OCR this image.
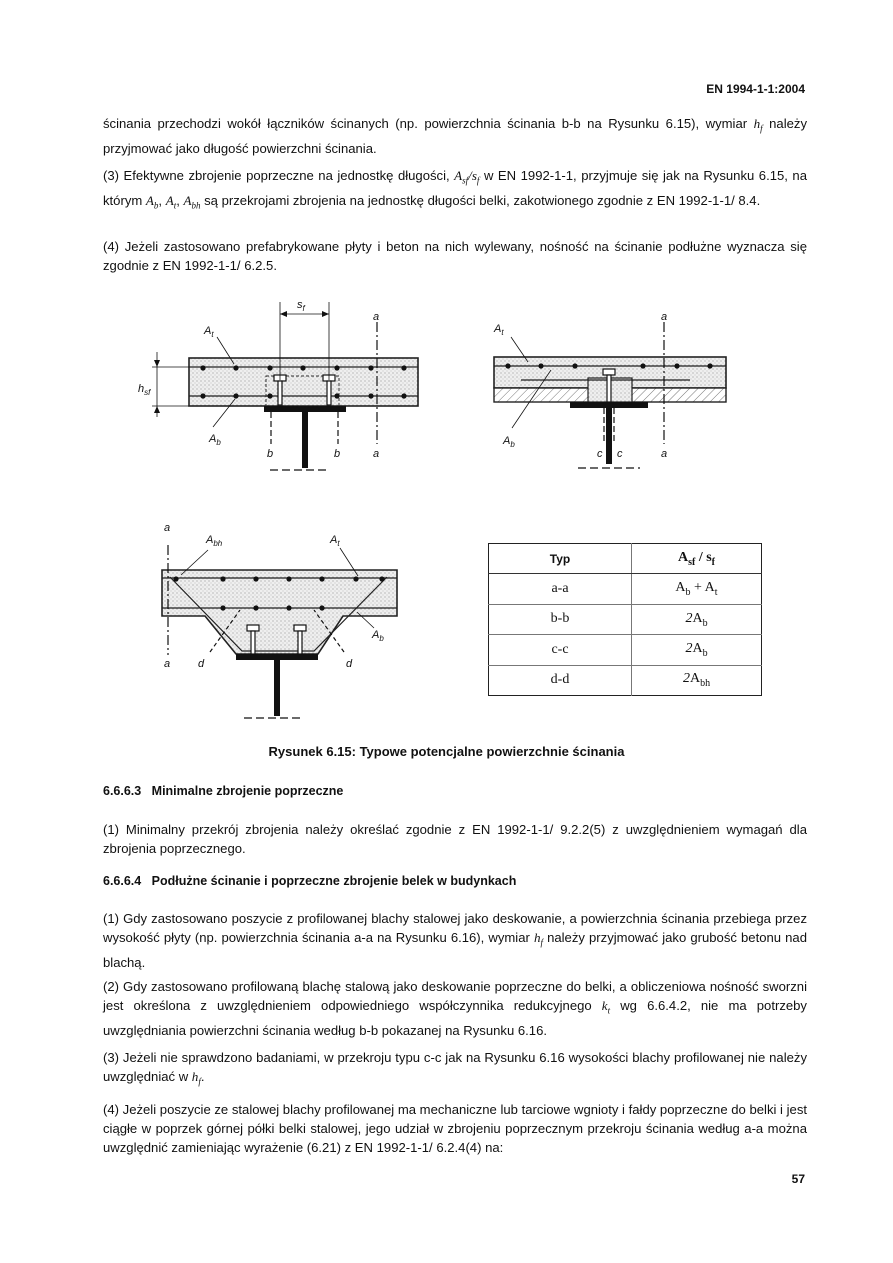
EN 1994-1-1:2004
ścinania przechodzi wokół łączników ścinanych (np. powierzchnia ścinania b-b na Rysunku 6.15), wymiar $h_f$ należy przyjmować jako długość powierzchni ścinania.
(3) Efektywne zbrojenie poprzeczne na jednostkę długości, $A_{sf}/s_f$ w EN 1992-1-1, przyjmuje się jak na Rysunku 6.15, na którym $A_b$, $A_t$, $A_{bh}$ są przekrojami zbrojenia na jednostkę długości belki, zakotwionego zgodnie z EN 1992-1-1/ 8.4.
(4) Jeżeli zastosowano prefabrykowane płyty i beton na nich wylewany, nośność na ścinanie podłużne wyznacza się zgodnie z EN 1992-1-1/ 6.2.5.
$s_f$
$A_t$
a
$h_{sf}$
$A_b$
b	b	a
$A_t$
a
$A_b$
c c	a
a
$A_{bh}$	$A_t$
$A_b$
a	d	d
Typ	$A_{sf} / s_f$
a-a	$A_b + A_t$
b-b	$2A_b$
c-c	$2A_b$
d-d	$2A_{bh}$
Rysunek 6.15: Typowe potencjalne powierzchnie ścinania
6.6.6.3 Minimalne zbrojenie poprzeczne
(1) Minimalny przekrój zbrojenia należy określać zgodnie z EN 1992-1-1/ 9.2.2(5) z uwzględnieniem wymagań dla zbrojenia poprzecznego.
6.6.6.4 Podłużne ścinanie i poprzeczne zbrojenie belek w budynkach
(1) Gdy zastosowano poszycie z profilowanej blachy stalowej jako deskowanie, a powierzchnia ścinania przebiega przez wysokość płyty (np. powierzchnia ścinania a-a na Rysunku 6.16), wymiar $h_f$ należy przyjmować jako grubość betonu nad blachą.
(2) Gdy zastosowano profilowaną blachę stalową jako deskowanie poprzeczne do belki, a obliczeniowa nośność sworzni jest określona z uwzględnieniem odpowiedniego współczynnika redukcyjnego $k_t$ wg 6.6.4.2, nie ma potrzeby uwzględniania powierzchni ścinania według b-b pokazanej na Rysunku 6.16.
(3) Jeżeli nie sprawdzono badaniami, w przekroju typu c-c jak na Rysunku 6.16 wysokości blachy profilowanej nie należy uwzględniać w $h_f$.
(4) Jeżeli poszycie ze stalowej blachy profilowanej ma mechaniczne lub tarciowe wgnioty i fałdy poprzeczne do belki i jest ciągłe w poprzek górnej półki belki stalowej, jego udział w zbrojeniu poprzecznym przekroju ścinania według a-a można uwzględnić zamieniając wyrażenie (6.21) z EN 1992-1-1/ 6.2.4(4) na:
57
